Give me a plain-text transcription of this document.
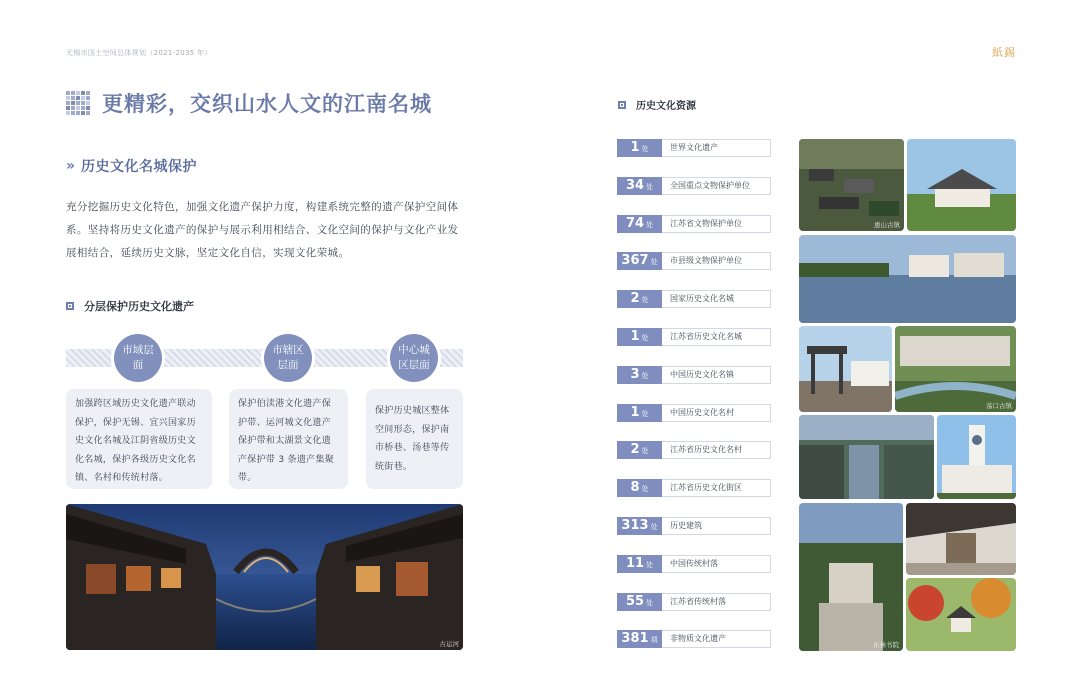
无锡市国土空间总体规划（2021-2035 年）	紙錫
更精彩，交织山水人文的江南名城
» 历史文化名城保护

充分挖掘历史文化特色，加强文化遗产保护力度，构建系统完整的遗产保护空间体系。坚持将历史文化遗产的保护与展示利用相结合、文化空间的保护与文化产业发展相结合，延续历史文脉，坚定文化自信，实现文化荣城。

分层保护历史文化遗产
市域层面
市辖区层面
中心城区层面
加强跨区域历史文化遗产联动保护，保护无锡、宜兴国家历史文化名城及江阴省级历史文化名城，保护各级历史文化名镇、名村和传统村落。
保护伯渎港文化遗产保护带、运河城文化遗产保护带和太湖景文化遗产保护带 3 条遗产集聚带。
保护历史城区整体空间形态，保护南市桥巷、汤巷等传统街巷。
古运河
历史文化资源
1 处	世界文化遗产
34 处	全国重点文物保护单位
74 处	江苏省文物保护单位
367 处	市县级文物保护单位
2 处	国家历史文化名城
1 处	江苏省历史文化名城
3 处	中国历史文化名镇
1 处	中国历史文化名村
2 处	江苏省历史文化名村
8 处	江苏省历史文化街区
313 处	历史建筑
11 处	中国传统村落
55 处	江苏省传统村落
381 项	非物质文化遗产
惠山古镇
荡口古镇
东林书院
